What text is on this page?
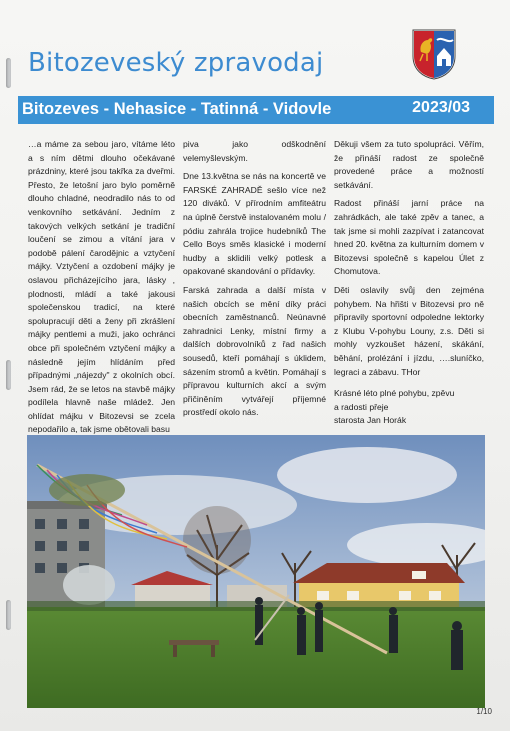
Bitozeveský zpravodaj
Bitozeves - Nehasice - Tatinná - Vidovle	2023/03

…a máme za sebou jaro, vítáme léto a s ním dětmi dlouho očekávané prázdniny, které jsou takřka za dveřmi. Přesto, že letošní jaro bylo poměrně dlouho chladné, neodradilo nás to od venkovního setkávání. Jedním z takových velkých setkání je tradiční loučení se zimou a vítání jara v podobě pálení čarodějnic a vztyčení májky. Vztyčení a ozdobení májky je oslavou přicházejícího jara, lásky , plodnosti, mládí a také jakousi společenskou tradicí, na které spolupracují děti a ženy při zkrášlení májky pentlemi a muži, jako ochránci obce při společném vztyčení májky a následně jejím hlídáním před případnými „nájezdy" z okolních obcí. Jsem rád, že se letos na stavbě májky podílela hlavně naše mládež. Jen ohlídat májku v Bitozevsi se zcela nepodařilo a, tak jsme obětovali basu

piva jako odškodnění velemyšlevským.

Dne 13.května se nás na koncertě ve FARSKÉ ZAHRADĚ sešlo více než 120 diváků. V přírodním amfiteátru na úplně čerstvě instalovaném molu / pódiu zahrála trojice hudebníků The Cello Boys směs klasické i moderní hudby a sklidili velký potlesk a opakované skandování o přídavky.

Farská zahrada a další místa v našich obcích se mění díky práci obecních zaměstnanců. Neúnavné zahradnici Lenky, místní firmy a dalších dobrovolníků z řad našich sousedů, kteří pomáhají s úklidem, sázením stromů a květin. Pomáhají s přípravou kulturních akcí a svým přičiněním vytvářejí příjemné prostředí okolo nás.

Děkuji všem za tuto spolupráci. Věřím, že přináší radost ze společně provedené práce a možností setkávání.

Radost přináší jarní práce na zahrádkách, ale také zpěv a tanec, a tak jsme si mohli zazpívat i zatancovat hned 20. května za kulturním domem v Bitozevsi společně s kapelou Úlet z Chomutova.

Děti oslavily svůj den zejména pohybem. Na hřišti v Bitozevsi pro ně připravily sportovní odpoledne lektorky z Klubu V-pohybu Louny, z.s. Děti si mohly vyzkoušet házení, skákání, běhání, prolézání i jízdu, ….sluníčko, legraci a zábavu. THor

Krásné léto plné pohybu, zpěvu
a radosti přeje
starosta Jan Horák

1/10
